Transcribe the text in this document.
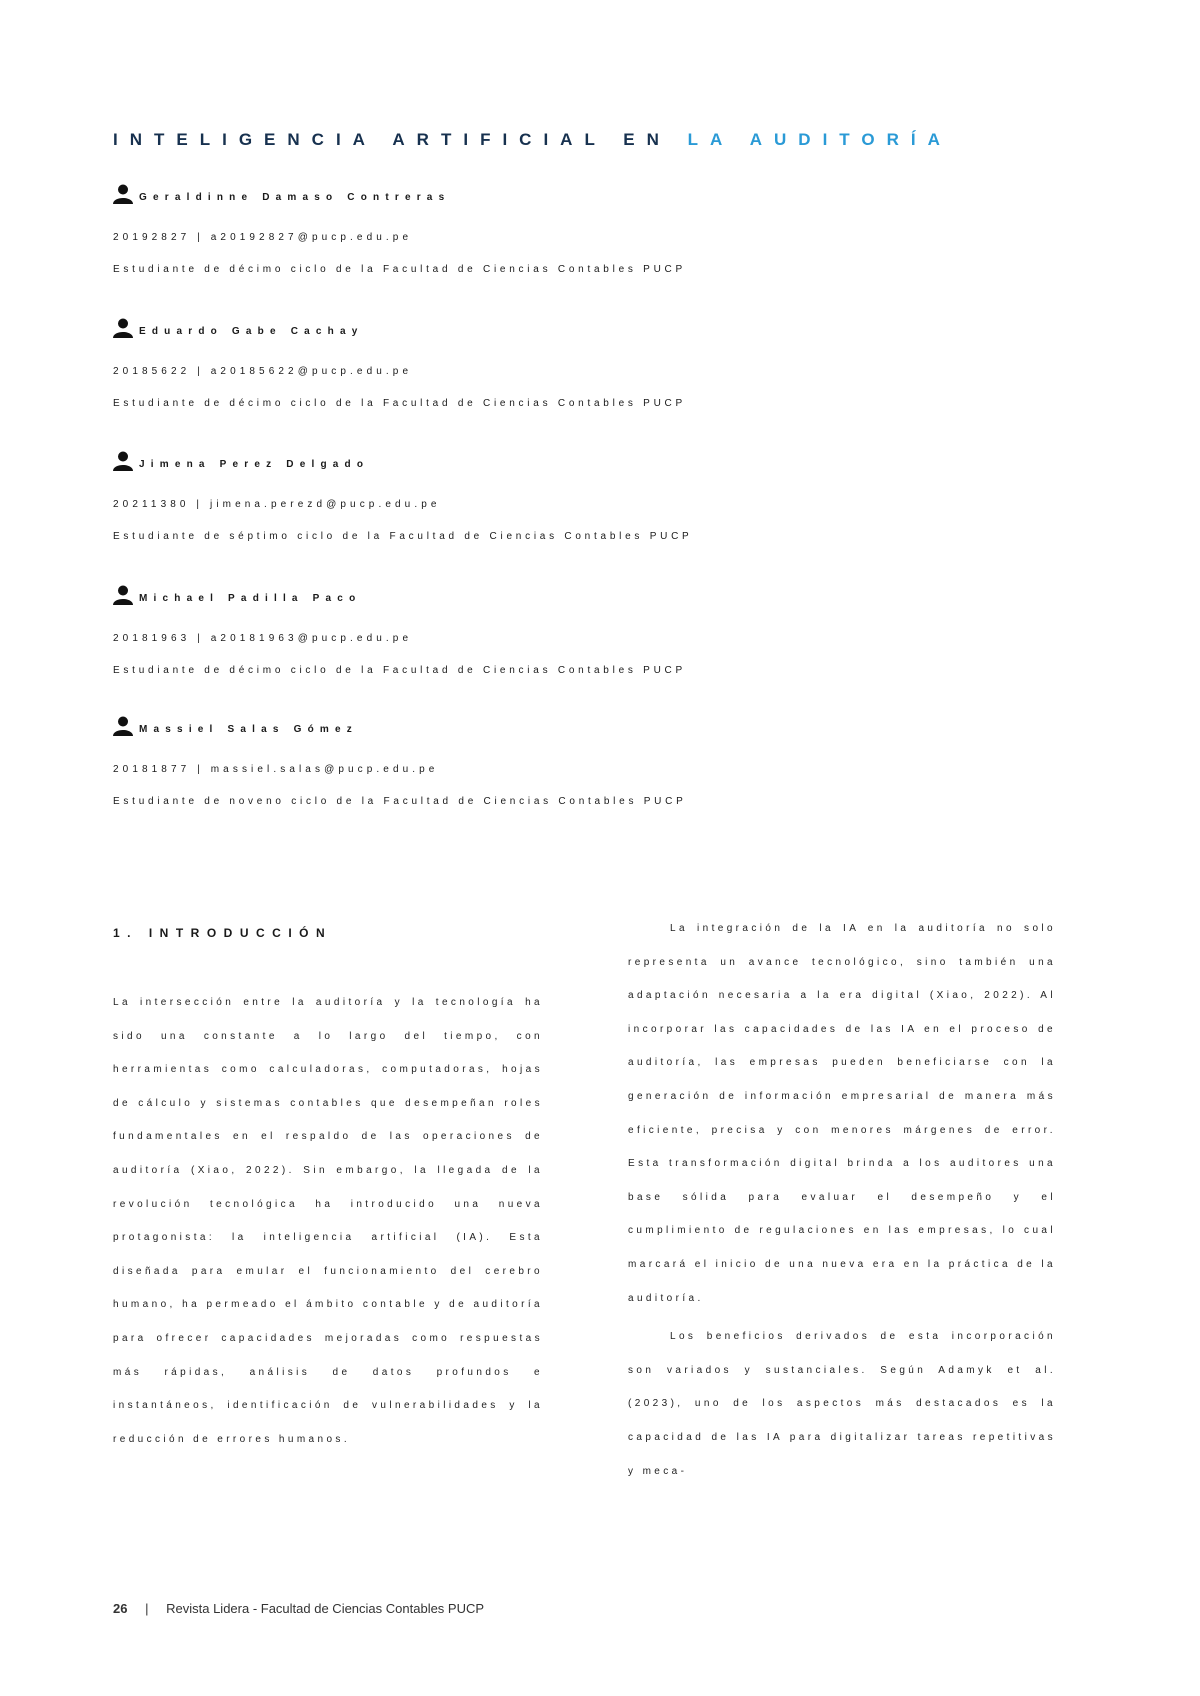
INTELIGENCIA ARTIFICIAL EN LA AUDITORÍA
Geraldinne Damaso Contreras
20192827 | a20192827@pucp.edu.pe
Estudiante de décimo ciclo de la Facultad de Ciencias Contables PUCP
Eduardo Gabe Cachay
20185622 | a20185622@pucp.edu.pe
Estudiante de décimo ciclo de la Facultad de Ciencias Contables PUCP
Jimena Perez Delgado
20211380 | jimena.perezd@pucp.edu.pe
Estudiante de séptimo ciclo de la Facultad de Ciencias Contables PUCP
Michael Padilla Paco
20181963 | a20181963@pucp.edu.pe
Estudiante de décimo ciclo de la Facultad de Ciencias Contables PUCP
Massiel Salas Gómez
20181877 | massiel.salas@pucp.edu.pe
Estudiante de noveno ciclo de la Facultad de Ciencias Contables PUCP
1. INTRODUCCIÓN

La intersección entre la auditoría y la tecnología ha sido una constante a lo largo del tiempo, con herramientas como calculadoras, computadoras, hojas de cálculo y sistemas contables que desempeñan roles fundamentales en el respaldo de las operaciones de auditoría (Xiao, 2022). Sin embargo, la llegada de la revolución tecnológica ha introducido una nueva protagonista: la inteligencia artificial (IA). Esta diseñada para emular el funcionamiento del cerebro humano, ha permeado el ámbito contable y de auditoría para ofrecer capacidades mejoradas como respuestas más rápidas, análisis de datos profundos e instantáneos, identificación de vulnerabilidades y la reducción de errores humanos.

La integración de la IA en la auditoría no solo representa un avance tecnológico, sino también una adaptación necesaria a la era digital (Xiao, 2022). Al incorporar las capacidades de las IA en el proceso de auditoría, las empresas pueden beneficiarse con la generación de información empresarial de manera más eficiente, precisa y con menores márgenes de error. Esta transformación digital brinda a los auditores una base sólida para evaluar el desempeño y el cumplimiento de regulaciones en las empresas, lo cual marcará el inicio de una nueva era en la práctica de la auditoría.

Los beneficios derivados de esta incorporación son variados y sustanciales. Según Adamyk et al. (2023), uno de los aspectos más destacados es la capacidad de las IA para digitalizar tareas repetitivas y meca-

26 | Revista Lidera - Facultad de Ciencias Contables PUCP
